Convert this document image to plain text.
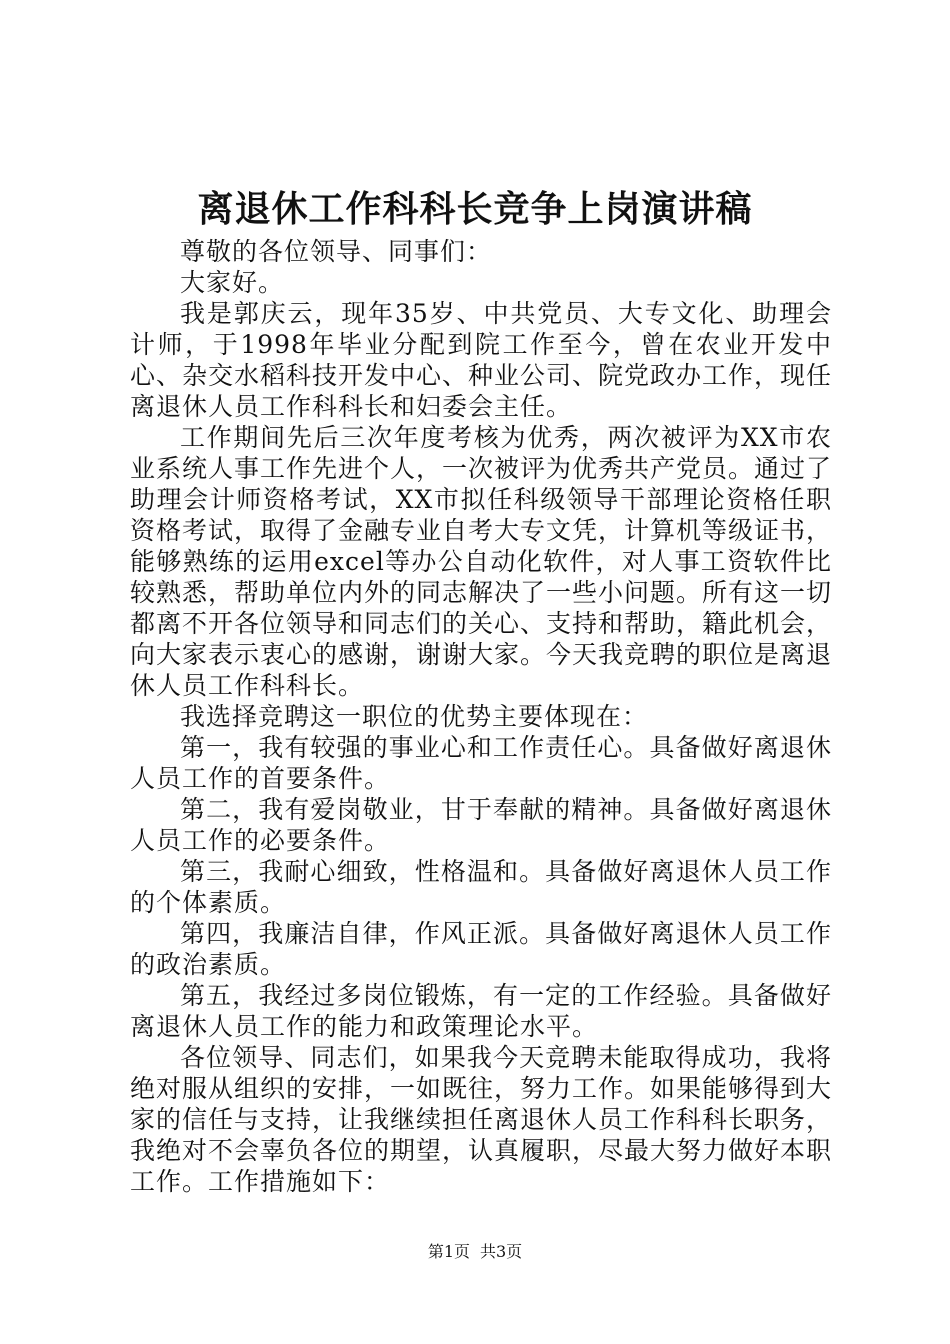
离退休工作科科长竞争上岗演讲稿

尊敬的各位领导、同事们：

大家好。

我是郭庆云，现年35岁、中共党员、大专文化、助理会计师，于1998年毕业分配到院工作至今，曾在农业开发中心、杂交水稻科技开发中心、种业公司、院党政办工作，现任离退休人员工作科科长和妇委会主任。

工作期间先后三次年度考核为优秀，两次被评为XX市农业系统人事工作先进个人，一次被评为优秀共产党员。通过了助理会计师资格考试，XX市拟任科级领导干部理论资格任职资格考试，取得了金融专业自考大专文凭，计算机等级证书，能够熟练的运用excel等办公自动化软件，对人事工资软件比较熟悉，帮助单位内外的同志解决了一些小问题。所有这一切都离不开各位领导和同志们的关心、支持和帮助，籍此机会，向大家表示衷心的感谢，谢谢大家。今天我竞聘的职位是离退休人员工作科科长。

我选择竞聘这一职位的优势主要体现在：

第一，我有较强的事业心和工作责任心。具备做好离退休人员工作的首要条件。

第二，我有爱岗敬业，甘于奉献的精神。具备做好离退休人员工作的必要条件。

第三，我耐心细致，性格温和。具备做好离退休人员工作的个体素质。

第四，我廉洁自律，作风正派。具备做好离退休人员工作的政治素质。

第五，我经过多岗位锻炼，有一定的工作经验。具备做好离退休人员工作的能力和政策理论水平。

各位领导、同志们，如果我今天竞聘未能取得成功，我将绝对服从组织的安排，一如既往，努力工作。如果能够得到大家的信任与支持，让我继续担任离退休人员工作科科长职务，我绝对不会辜负各位的期望，认真履职，尽最大努力做好本职工作。工作措施如下：

第1页 共3页
